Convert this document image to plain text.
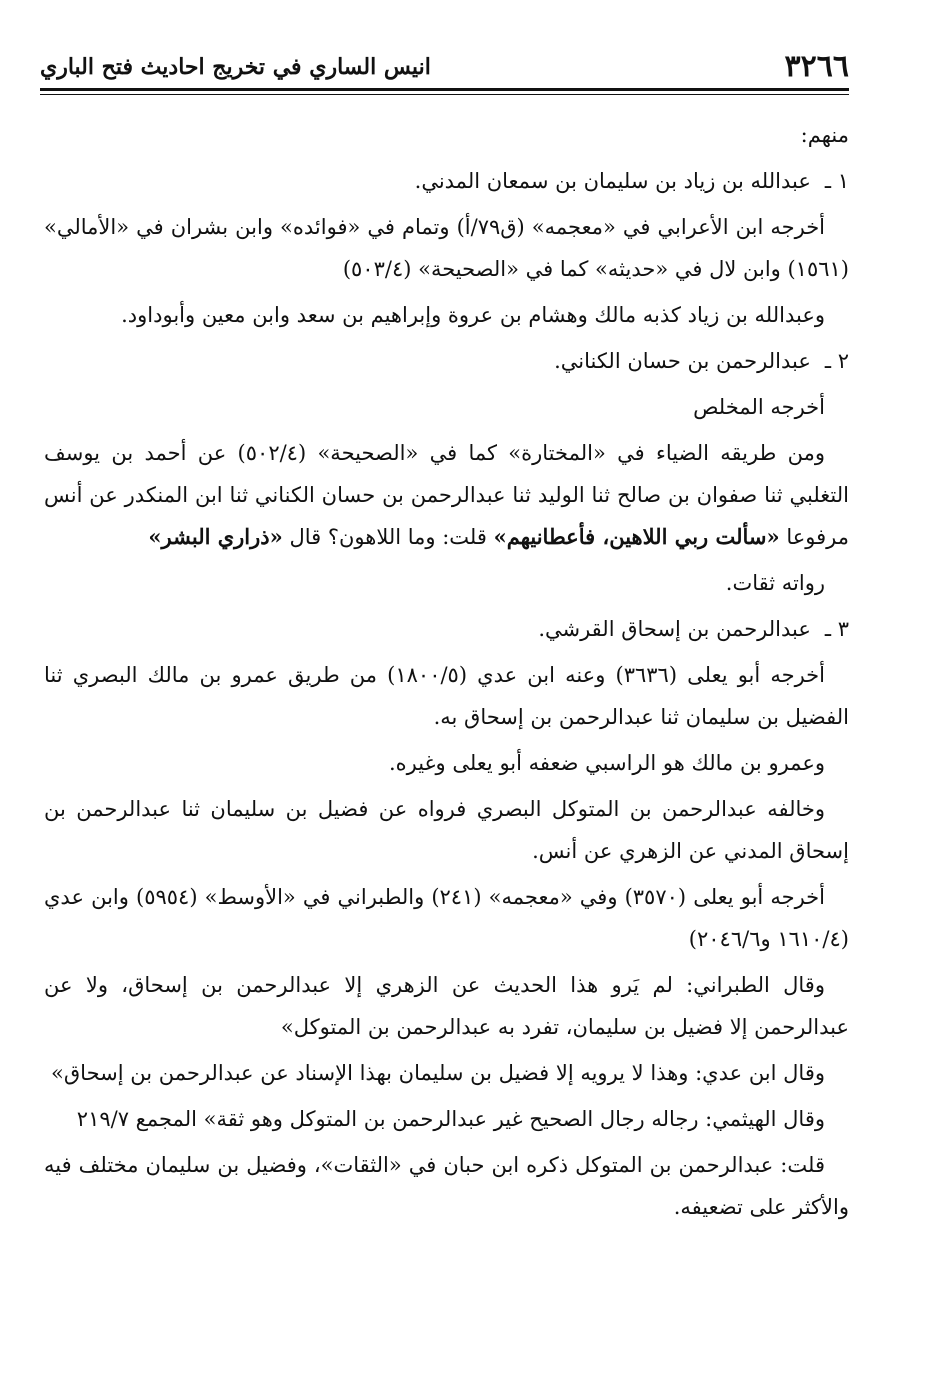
انيس الساري في تخريج احاديث فتح الباري	٣٢٦٦

منهم:

١ ـعبدالله بن زياد بن سليمان بن سمعان المدني.

أخرجه ابن الأعرابي في «معجمه» (ق٧٩/أ) وتمام في «فوائده» وابن بشران في «الأمالي» (١٥٦١) وابن لال في «حديثه» كما في «الصحيحة» (٥٠٣/٤)

وعبدالله بن زياد كذبه مالك وهشام بن عروة وإبراهيم بن سعد وابن معين وأبوداود.

٢ ـعبدالرحمن بن حسان الكناني.

أخرجه المخلص

ومن طريقه الضياء في «المختارة» كما في «الصحيحة» (٥٠٢/٤) عن أحمد بن يوسف التغلبي ثنا صفوان بن صالح ثنا الوليد ثنا عبدالرحمن بن حسان الكناني ثنا ابن المنكدر عن أنس مرفوعا «سألت ربي اللاهين، فأعطانيهم» قلت: وما اللاهون؟ قال «ذراري البشر»

رواته ثقات.

٣ ـعبدالرحمن بن إسحاق القرشي.

أخرجه أبو يعلى (٣٦٣٦) وعنه ابن عدي (١٨٠٠/٥) من طريق عمرو بن مالك البصري ثنا الفضيل بن سليمان ثنا عبدالرحمن بن إسحاق به.

وعمرو بن مالك هو الراسبي ضعفه أبو يعلى وغيره.

وخالفه عبدالرحمن بن المتوكل البصري فرواه عن فضيل بن سليمان ثنا عبدالرحمن بن إسحاق المدني عن الزهري عن أنس.

أخرجه أبو يعلى (٣٥٧٠) وفي «معجمه» (٢٤١) والطبراني في «الأوسط» (٥٩٥٤) وابن عدي (١٦١٠/٤ و٢٠٤٦/٦)

وقال الطبراني: لم يَرو هذا الحديث عن الزهري إلا عبدالرحمن بن إسحاق، ولا عن عبدالرحمن إلا فضيل بن سليمان، تفرد به عبدالرحمن بن المتوكل»

وقال ابن عدي: وهذا لا يرويه إلا فضيل بن سليمان بهذا الإسناد عن عبدالرحمن بن إسحاق»

وقال الهيثمي: رجاله رجال الصحيح غير عبدالرحمن بن المتوكل وهو ثقة» المجمع ٢١٩/٧

قلت: عبدالرحمن بن المتوكل ذكره ابن حبان في «الثقات»، وفضيل بن سليمان مختلف فيه والأكثر على تضعيفه.
